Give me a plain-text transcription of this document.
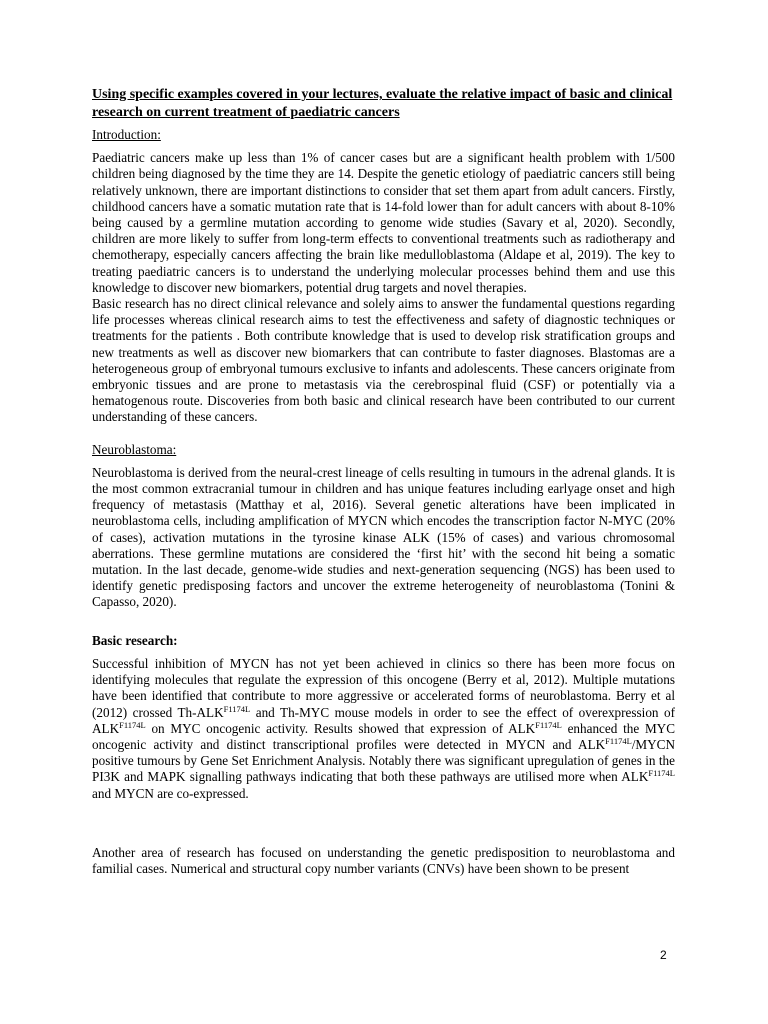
Using specific examples covered in your lectures, evaluate the relative impact of basic and clinical research on current treatment of paediatric cancers
Introduction:

Paediatric cancers make up less than 1% of cancer cases but are a significant health problem with 1/500 children being diagnosed by the time they are 14. Despite the genetic etiology of paediatric cancers still being relatively unknown, there are important distinctions to consider that set them apart from adult cancers. Firstly, childhood cancers have a somatic mutation rate that is 14-fold lower than for adult cancers with about 8-10% being caused by a germline mutation according to genome wide studies (Savary et al, 2020). Secondly, children are more likely to suffer from long-term effects to conventional treatments such as radiotherapy and chemotherapy, especially cancers affecting the brain like medulloblastoma (Aldape et al, 2019). The key to treating paediatric cancers is to understand the underlying molecular processes behind them and use this knowledge to discover new biomarkers, potential drug targets and novel therapies.

Basic research has no direct clinical relevance and solely aims to answer the fundamental questions regarding life processes whereas clinical research aims to test the effectiveness and safety of diagnostic techniques or treatments for the patients . Both contribute knowledge that is used to develop risk stratification groups and new treatments as well as discover new biomarkers that can contribute to faster diagnoses. Blastomas are a heterogeneous group of embryonal tumours exclusive to infants and adolescents. These cancers originate from embryonic tissues and are prone to metastasis via the cerebrospinal fluid (CSF) or potentially via a hematogenous route. Discoveries from both basic and clinical research have been contributed to our current understanding of these cancers.

Neuroblastoma:

Neuroblastoma is derived from the neural-crest lineage of cells resulting in tumours in the adrenal glands. It is the most common extracranial tumour in children and has unique features including earlyage onset and high frequency of metastasis (Matthay et al, 2016). Several genetic alterations have been implicated in neuroblastoma cells, including amplification of MYCN which encodes the transcription factor N-MYC (20% of cases), activation mutations in the tyrosine kinase ALK (15% of cases) and various chromosomal aberrations. These germline mutations are considered the ‘first hit’ with the second hit being a somatic mutation. In the last decade, genome-wide studies and next-generation sequencing (NGS) has been used to identify genetic predisposing factors and uncover the extreme heterogeneity of neuroblastoma (Tonini & Capasso, 2020).

Basic research:

Successful inhibition of MYCN has not yet been achieved in clinics so there has been more focus on identifying molecules that regulate the expression of this oncogene (Berry et al, 2012). Multiple mutations have been identified that contribute to more aggressive or accelerated forms of neuroblastoma. Berry et al (2012) crossed $Th-ALK^{F1174L}$ and Th-MYC mouse models in order to see the effect of overexpression of $ALK^{F1174L}$ on MYC oncogenic activity. Results showed that expression of $ALK^{F1174L}$ enhanced the MYC oncogenic activity and distinct transcriptional profiles were detected in MYCN and $ALK^{F1174L}$/MYCN positive tumours by Gene Set Enrichment Analysis. Notably there was significant upregulation of genes in the PI3K and MAPK signalling pathways indicating that both these pathways are utilised more when $ALK^{F1174L}$ and MYCN are co-expressed.

Another area of research has focused on understanding the genetic predisposition to neuroblastoma and familial cases. Numerical and structural copy number variants (CNVs) have been shown to be present

2
